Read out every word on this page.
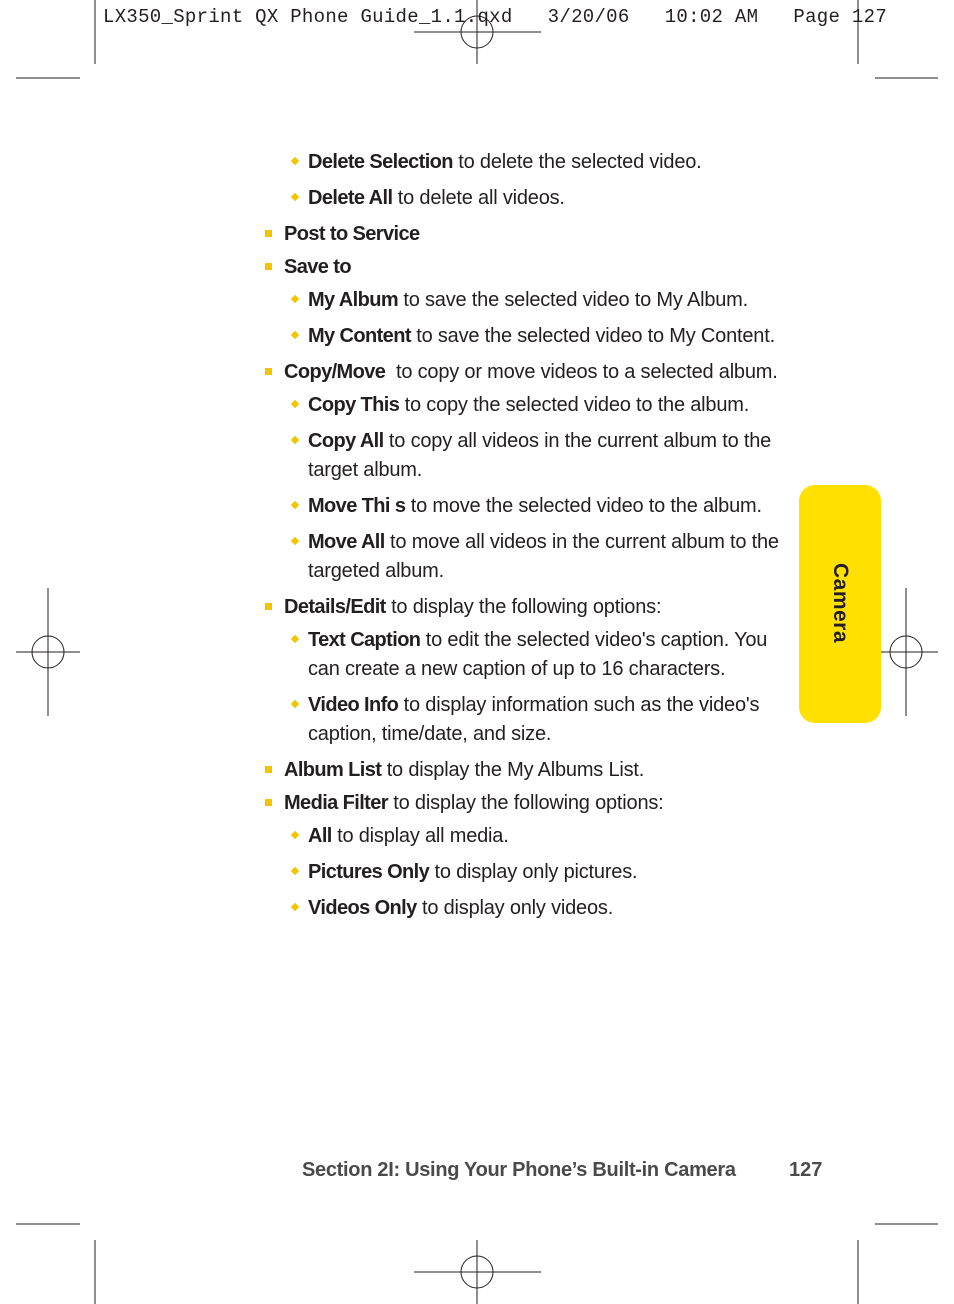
LX350_Sprint QX Phone Guide_1.1.qxd   3/20/06   10:02 AM   Page 127
Delete Selection to delete the selected video.
Delete All to delete all videos.
Post to Service
Save to
My Album to save the selected video to My Album.
My Content to save the selected video to My Content.
Copy/Move  to copy or move videos to a selected album.
Copy This to copy the selected video to the album.
Copy All to copy all videos in the current album to the target album.
Move Thi s to move the selected video to the album.
Move All to move all videos in the current album to the targeted album.
Details/Edit to display the following options:
Text Caption to edit the selected video's caption. You can create a new caption of up to 16 characters.
Video Info to display information such as the video's caption, time/date, and size.
Album List to display the My Albums List.
Media Filter to display the following options:
All to display all media.
Pictures Only to display only pictures.
Videos Only to display only videos.
Camera
Section 2I: Using Your Phone’s Built-in Camera	127
